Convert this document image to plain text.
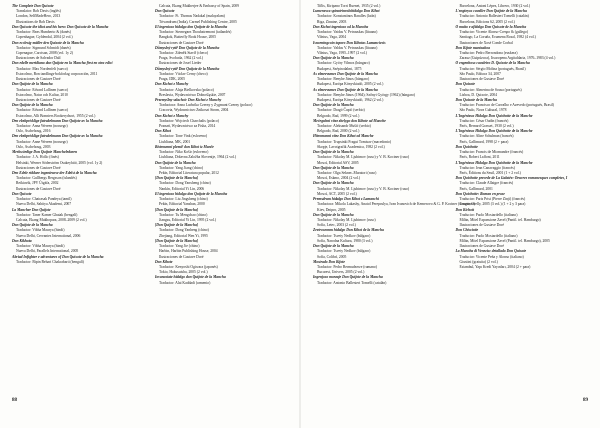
The Complete Don Quixote

Translator: Rob Davis (inglés)

London, SelfMadeHero, 2013

Illustrations de Rob Davis

Don Quixote the idiot and his hero: Don Quixote de la Mancha

Traductor: Beas Humberto & (danés)

Copenhague, Gyldendal, 2004 (2 vol.)

Don ecclesig-midler den Quixote de la Mancha

Traductor: Sigmund Schmidt (danés)

Copenague, Carcisan, 2008 (vol. 1y 2)

Ilustraciones de Salvador Dalí

Don edelle meridiano don Quijote en la Mancha first en otra edici

Traductor: Max Nordenfelt (sueco)

Estocolmo, Bon tandlings-bokforlag corporación, 2011

Ilustraciones de Gustave Doré

Don Quijote de la Mancha

Traductor: Edvard Lallinen (sueco)

Estocolmo, Natur och Kultur, 2010

Ilustraciones de Gustave Doré

Don Quijote de la Mancha

Traductor: Edvard Lallinen (sueco)

Estocolmo, Allt Bonniers Bookerydsort, 1955 (2 vol.)

Den ebekprisklige fatrabelmann Don Quijote av la Mancha

Traductor: Anna Wereen (noruego)

Oslo, Aschehoug, 2016

Den ebekprisklige fatrabelmann Don Quijote av la Mancha

Traductor: Anne Wereen (noruego)

Oslo, Aschehoug, 2003

Merkwürdige Don Quijote Mancheledaren

Traductor: J. A. Hollo (finés)

Helsinki, Werner Söderström Osakeyhtiö, 2005 (vol. 1y 2)

Ilustraciones de Gustave Doré

Den Edele riddare ingenieurse der Edelst de la Mancha

Traductor: Gullbergs Bergsson (islandés)

Reikiavik, JPV Útgáfa, 2002

Ilustraciones de Gustave Doré

Don Quixote

Traductor: Chairasak Pandeya (tamil)

Nueva Delhi, Sahitya Akademi, 2007

La Mancher Don Quijote

Traductor: Taner Kamer Ghatak (bengalí)

Calcuta, Ekang Mukhopara, 2008–2009 (2 vol.)

Don Quijote de la Mancha

Traductor: Vibha Maurya (hindi)

Nueva Delhi, Cervantes International, 2006

Don Kikhota

Traductor: Vibha Maurya (hindi)

Nueva Delhi, Parallels International, 2005

Abriad Infighter e adventures of Don Quixote de la Mancha

Traductor: Bipin Behari Chakrabarti (bengalí)

Calcuta, Ekang Mukherjee & Embassy of Spain, 2009

Don Quixote

Traductor: Ft. Thomas Nadakal (malayalam)

Trivandrum (India), Carmel Publishing Centre, 2005

El ingenioso hidalgo don Quijote de la Mancha

Traductor: Sternegarn Thoubatremont (tailandés)

Bangkok, Butterfly Book House, 2005

Ilustraciones de Gustave Doré

Důmyslný rytíř Don Quijote de la Mancha

Traductor: Zdeněk Stavíř (checo)

Praga, Svoboda, 1962 (2 vol.)

Ilustraciones de Josef Lieder

Důmyslný rytíř Don Quijote de la Mancha

Traductor: Václav Cerny (checo)

Praga, IDK, 2005

Don Kichot z Manchy

Traductor: Alaja Bielkovska (polaco)

Breslavia, Wydawnictwo Dolnośląskie, 2007

Przemyślny szlachcic Don Kichot z Manchy

Traductora: Anna Ludwika Czerny y Zygmunt Czerny (polaco)

Cracovia, Wydawnictwo Znikoszt Strom, 2004

Don Kichot z Manchy

Traductor: Wojciech Charchalis (polaco)

Poznań, Wydawnictwo za Fisha, 2014

Don Kihot

Traductor: Tone Vink (esloveno)

Liubliana, MK, 2001

Bistroumni plemič don Kihot iz Manče

Traductor: Niko Košir (esloveno)

Liubliana, Državna Založba Slovenije, 1964 (2 vol.)

Don Quijote de la Mancha

Traductor: Yang Jiang (chino)

Pekín, Editorial Literatura popular, 2012

[Don Quijote de la Mancha]

Traductor: Dong Yanxheng (chino)

Nankín, Editorial Yi Lin, 2006

El ingenioso hidalgo don Quijote de la Mancha

Traductor: Liu Jingsheng (chino)

Pekín, Editorial Yanshan, 2000

[Don Quijote de la Mancha]

Traductor: Tu Mengchao (chino)

Jiangsu, Editorial Yi Lin, 1995 (2 vol.)

[Don Quijote de la Mancha]

Traductor: Dong Yanheng (chino)

Zhejiang, Editorial Wen Yi, 1995

[Don Quijote de la Mancha]

Traductor: Yang Jie (chino)

Harbin, Harbin Publishing House, 2004

Ilustraciones de Gustave Doré

Don Kihote

Traductor: Kenyoshi Ogiwara (japonés)

Tokio, Hakusuisha, 2005 (2 vol.)

Iovanosiate hidalgo don Quijote de la Mancha

Traductor: Alai Kaddadi (armenio)

88

Tiflis, Kiripano Torri Ruenet, 1935 (2 vol.)

Lumenesca spinotrinrolohidalgo Don Kihot

Traductor: Konstantinos Baralles (latín)

Riga, Zinatne, 2003

Don Kichot ingenioso od la Mancha

Traductor: Vaidas V. Petrauskas (lituano)

Vilnius, Vaga, 2004

Isnorningcoin toporo Don Kihotas Lamanciesis

Traductor: Valdas V. Petrauskas (lituano)

Vilnius, Vaga, 1995–1997 (2 vol.)

Don Quijote de la Mancha

Traductor: Györy Vilmos (húngaro)

Budapest, Szépirodalmi, 1875

As elmeevumes Don Quijote de la Mancha

Traductor: Benyhe János (húngaro)

Budapest, Európa Könyvkiadó, 2005 (2 vol.)

As elmeevumes Don Quijote de la Mancha

Traductor: Benyhe János (1964); Szőnyi György (1962) (húngaro)

Budapest, Európa Könyvkiadó, 1962 (2 vol.)

Don Quijote de la Mancha

Traductor: Dragó Čupić (serbio)

Belgrado, Rad, 1999 (2 vol.)

Mećeguhni vitez zhelygo don Kihote od Manche

Traductor: Aleksandr Mušić (serbio)

Belgrado, Rad, 2000 (2 vol.)

Hitromanni vitez Don Kihot od Manche

Traductor: Trupsinki Fragui Tomisav (macedonio)

Skopje, Lavotgrafik Academica, 1982 (2 vol.)

Don Quijote de la Mancha

Traductor: Nikolay M. Ljubimov (ruso) y V. B. Kociner (ruso)

Moscú, Editorial ASV, 2005

Don Quijote de la Mancha

Traductor: Olga Sekner–Muratori (ruso)

Moscú, Eskmo, 2004 (2 vol.)

Don Quijote de la Mancha

Traductor: Nikolay M. Ljubimov (ruso) y V. B. Kociner (ruso)

Moscú, ACT, 2005 (2 vol.)

Premsdrum hidalgo Don Kihot z Lamanchi

Traductora: Mikola Lukashy, Anatol Pereprulya, Ivan Ivanovich de Kemerovo & G. P. Kociner (ucraniano)

Kiev, Dnipro, 2005

Don Quijote de la Mancha

Traductor: Nikolay M. Ljubimov (ruso)

Sofía, Letec, 2003 (2 vol.)

Zeetrowomm hidalgo Don Kihot de la Mancha

Traductor: Tsvety Nedkov (búlgaro)

Sofía, Narodna Kultura, 1980 (3 vol.)

Don Quijote de la Mancha

Traductor: Tsvety Nedkov (búlgaro)

Sofía, Colibrí, 2005

Mostrado Don Kijote

Traductor: Pedro Bermudezwe (rumano)

Bucarest, Univers, 2005 (2 vol.)

Ingenjoso morzaje Don Quijote de la Mancha

Traductor: Antonio Ballesteri Tomelli (catalán)

Barcelona, Antoni Lépez, Librero, 1930 (2 vol.)

L'enginyos cavaller Don Quijote de la Mancha

Traductor: Antonio Ballesteri Tomelli (catalán)

Barcelona, Edicions 62, 2005 (2 vol.)

O muito e afidalgo Don Quixote de la Mancha

Traductor: Vicente Alonso-Crespo & (gallego)

Santiago, La Coruña, Ecumena Rosal, 1982 (4 vol.)

Ilustraciones de Xosé Conde Corbal

Don Kijote mantxakoa

Traductor: Pedro Berrondona (euskera)

Zarauz (Guipúzcoa), Itxaropena Argitaldaria, 1976–1983 (4 vol.)

O engenhoso cavaleiro D. Quixote de la Mancha

Traductor: Sérgio Molina (portugués, Brasil)

São Paulo, Editora 34, 2007

Ilustraciones de Gustave Doré

Don Quixote

Traductor: Almerina de Sousa (portugués)

Lisboa, D. Quixote, 2004

Don Quixote de la Mancha

Traductor: Francisco de Carvalho e Azevedo (portugués, Brasil)

São Paulo, Nova Cultural, 1978

L'Ingénieux Hidalgo Don Quichotte de la Manche

Traductor: César Oudin (francés)

París, Bernard Grasset, 1930 (2 vol.)

L'Ingénieux Hidalgo Don Quichotte de la Manche

Traductor: Aline Schulman (francés)

París, Gallimard, 1998 (2 + para)

Don Quichotte

Traductor: Francis de Miomandre (francés)

París, Robert Laffont, 2011

L'Ingénieux Hidalgo Don Quichotte de la Manche

Traductor: Jean Canavaggio (francés)

París, Éditions du Seuil, 2001 (1 + 2 vol.)

Don Quichotte precede de La Galatée: Oeuvres romanesques completes, I

Traductor: Claude Allaigre (francés)

París, Gallimard, 2001

Don Quichotte: Roman en prose

Traductor: Paris Prist (Pierre Zinji) (francés)

Tanger, Orelly, 2005 (3 vol.) (1 + 2 y 3 para)

Don Kichott

Traductor: Paolo Mostardello (italiano)

Milán, Mitel Expansione Zavel (Pantil. tel. Hamburgo)

Ilustraciones de Gustave Doré

Don Chisciotte

Traductor: Paolo Mostardello (italiano)

Milán, Mitel Expansione Zavel (Pantil. tel. Hamburgo), 2005

Ilustraciones de Gustave Doré

La Mancha di Venezia: detallado Don Quixote

Traductor: Vicente Peña y Alonso (italiano)

Giustini (gratuita) (2 vol.)

Estambul, Yapı Kredi Yayınları, 2004 (2 + para)

89
